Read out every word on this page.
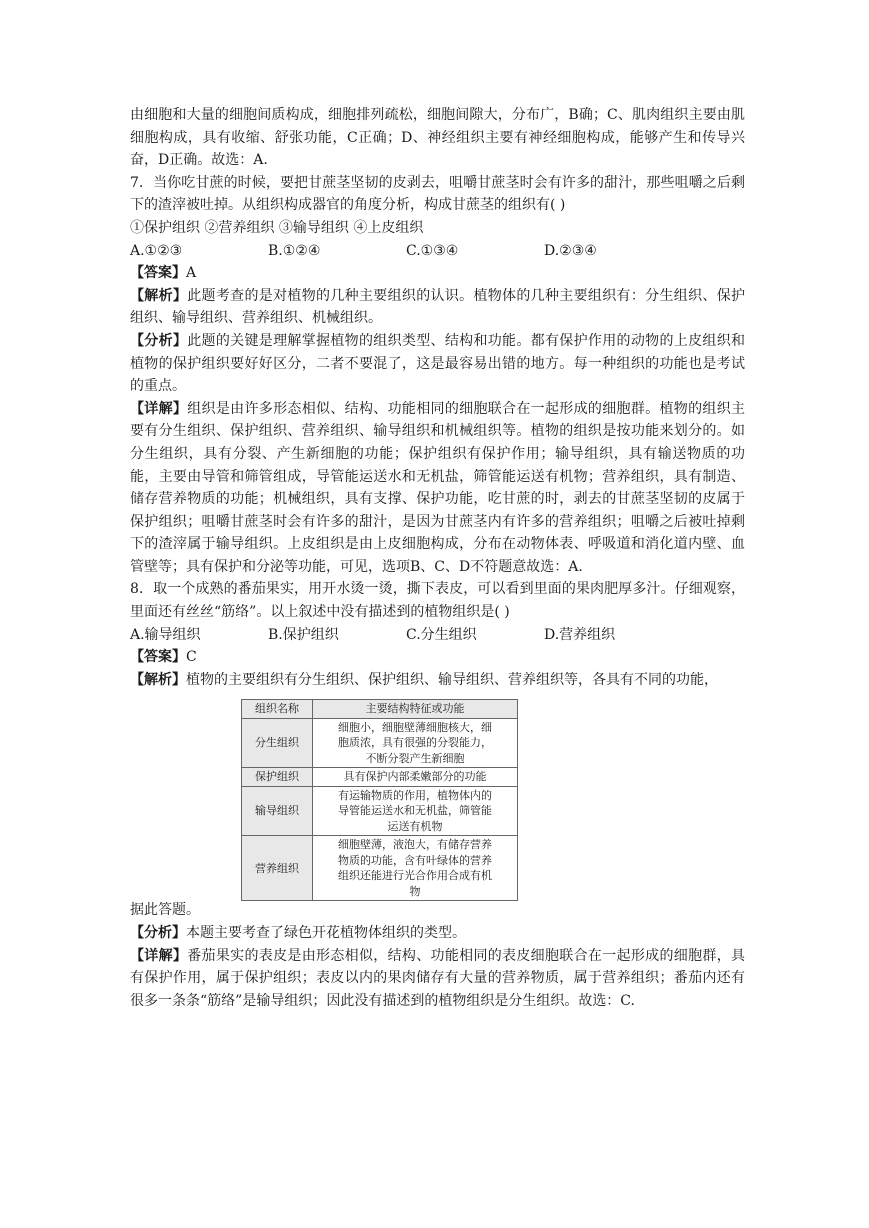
由细胞和大量的细胞间质构成，细胞排列疏松，细胞间隙大，分布广，B确；C、肌肉组织主要由肌细胞构成，具有收缩、舒张功能，C正确；D、神经组织主要有神经细胞构成，能够产生和传导兴奋，D正确。故选：A.

7．当你吃甘蔗的时候，要把甘蔗茎坚韧的皮剥去，咀嚼甘蔗茎时会有许多的甜汁，那些咀嚼之后剩下的渣滓被吐掉。从组织构成器官的角度分析，构成甘蔗茎的组织有( )

①保护组织 ②营养组织 ③输导组织 ④上皮组织

A.①②③	B.①②④	C.①③④	D.②③④

【答案】A

【解析】此题考查的是对植物的几种主要组织的认识。植物体的几种主要组织有：分生组织、保护组织、输导组织、营养组织、机械组织。

【分析】此题的关键是理解掌握植物的组织类型、结构和功能。都有保护作用的动物的上皮组织和植物的保护组织要好好区分，二者不要混了，这是最容易出错的地方。每一种组织的功能也是考试的重点。

【详解】组织是由许多形态相似、结构、功能相同的细胞联合在一起形成的细胞群。植物的组织主要有分生组织、保护组织、营养组织、输导组织和机械组织等。植物的组织是按功能来划分的。如分生组织，具有分裂、产生新细胞的功能；保护组织有保护作用；输导组织，具有输送物质的功能，主要由导管和筛管组成，导管能运送水和无机盐，筛管能运送有机物；营养组织，具有制造、储存营养物质的功能；机械组织，具有支撑、保护功能，吃甘蔗的时，剥去的甘蔗茎坚韧的皮属于保护组织；咀嚼甘蔗茎时会有许多的甜汁，是因为甘蔗茎内有许多的营养组织；咀嚼之后被吐掉剩下的渣滓属于输导组织。上皮组织是由上皮细胞构成，分布在动物体表、呼吸道和消化道内壁、血管壁等；具有保护和分泌等功能，可见，选项B、C、D不符题意故选：A.

8．取一个成熟的番茄果实，用开水烫一烫，撕下表皮，可以看到里面的果肉肥厚多汁。仔细观察，里面还有丝丝“筋络”。以上叙述中没有描述到的植物组织是( )

A.输导组织	B.保护组织	C.分生组织	D.营养组织

【答案】C

【解析】植物的主要组织有分生组织、保护组织、输导组织、营养组织等，各具有不同的功能，

组织名称	主要结构特征或功能
分生组织	细胞小，细胞壁薄细胞核大，细
胞质浓，具有很强的分裂能力，
不断分裂产生新细胞

保护组织	具有保护内部柔嫩部分的功能

输导组织	有运输物质的作用，植物体内的
导管能运送水和无机盐，筛管能
运送有机物

营养组织	细胞壁薄，液泡大，有储存营养
物质的功能，含有叶绿体的营养
组织还能进行光合作用合成有机
物

据此答题。

【分析】本题主要考查了绿色开花植物体组织的类型。

【详解】番茄果实的表皮是由形态相似，结构、功能相同的表皮细胞联合在一起形成的细胞群，具有保护作用，属于保护组织；表皮以内的果肉储存有大量的营养物质，属于营养组织；番茄内还有很多一条条“筋络”是输导组织；因此没有描述到的植物组织是分生组织。故选：C.
